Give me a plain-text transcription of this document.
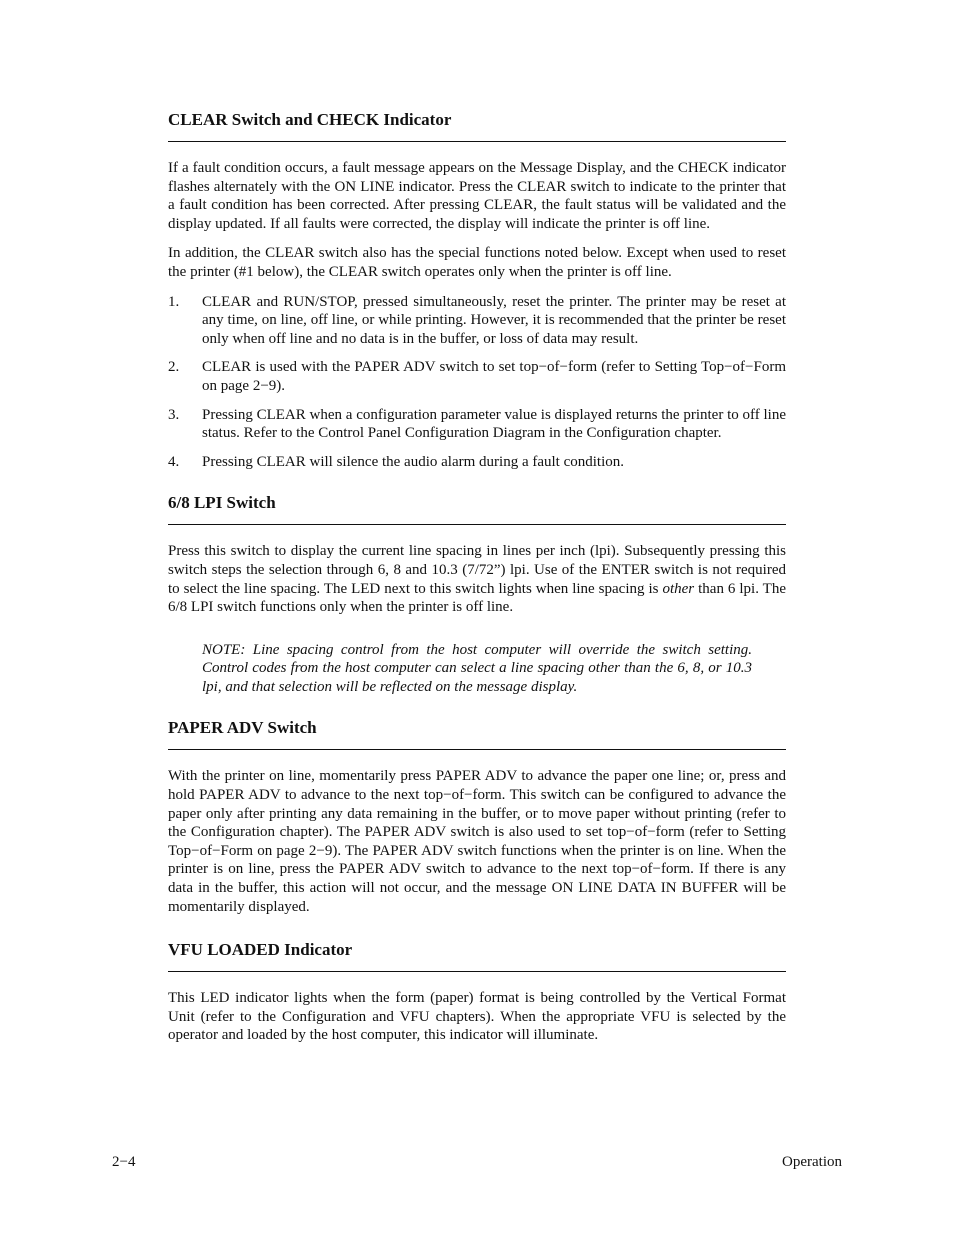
CLEAR Switch and CHECK Indicator

If a fault condition occurs, a fault message appears on the Message Display, and the CHECK indicator flashes alternately with the ON LINE indicator. Press the CLEAR switch to indicate to the printer that a fault condition has been corrected. After pressing CLEAR, the fault status will be validated and the display updated. If all faults were corrected, the display will indicate the printer is off line.

In addition, the CLEAR switch also has the special functions noted below. Except when used to reset the printer (#1 below), the CLEAR switch operates only when the printer is off line.

1.	CLEAR and RUN/STOP, pressed simultaneously, reset the printer. The printer may be reset at any time, on line, off line, or while printing. However, it is recommended that the printer be reset only when off line and no data is in the buffer, or loss of data may result.
2.	CLEAR is used with the PAPER ADV switch to set top−of−form (refer to Setting Top−of−Form on page 2−9).
3.	Pressing CLEAR when a configuration parameter value is displayed returns the printer to off line status. Refer to the Control Panel Configuration Diagram in the Configuration chapter.
4.	Pressing CLEAR will silence the audio alarm during a fault condition.
6/8 LPI Switch

Press this switch to display the current line spacing in lines per inch (lpi). Subsequently pressing this switch steps the selection through 6, 8 and 10.3 (7/72”) lpi. Use of the ENTER switch is not required to select the line spacing. The LED next to this switch lights when line spacing is other than 6 lpi. The 6/8 LPI switch functions only when the printer is off line.

NOTE: Line spacing control from the host computer will override the switch setting. Control codes from the host computer can select a line spacing other than the 6, 8, or 10.3 lpi, and that selection will be reflected on the message display.

PAPER ADV Switch

With the printer on line, momentarily press PAPER ADV to advance the paper one line; or, press and hold PAPER ADV to advance to the next top−of−form. This switch can be configured to advance the paper only after printing any data remaining in the buffer, or to move paper without printing (refer to the Configuration chapter). The PAPER ADV switch is also used to set top−of−form (refer to Setting Top−of−Form on page 2−9). The PAPER ADV switch functions when the printer is on line. When the printer is on line, press the PAPER ADV switch to advance to the next top−of−form. If there is any data in the buffer, this action will not occur, and the message ON LINE DATA IN BUFFER will be momentarily displayed.

VFU LOADED Indicator

This LED indicator lights when the form (paper) format is being controlled by the Vertical Format Unit (refer to the Configuration and VFU chapters). When the appropriate VFU is selected by the operator and loaded by the host computer, this indicator will illuminate.

2−4	Operation
